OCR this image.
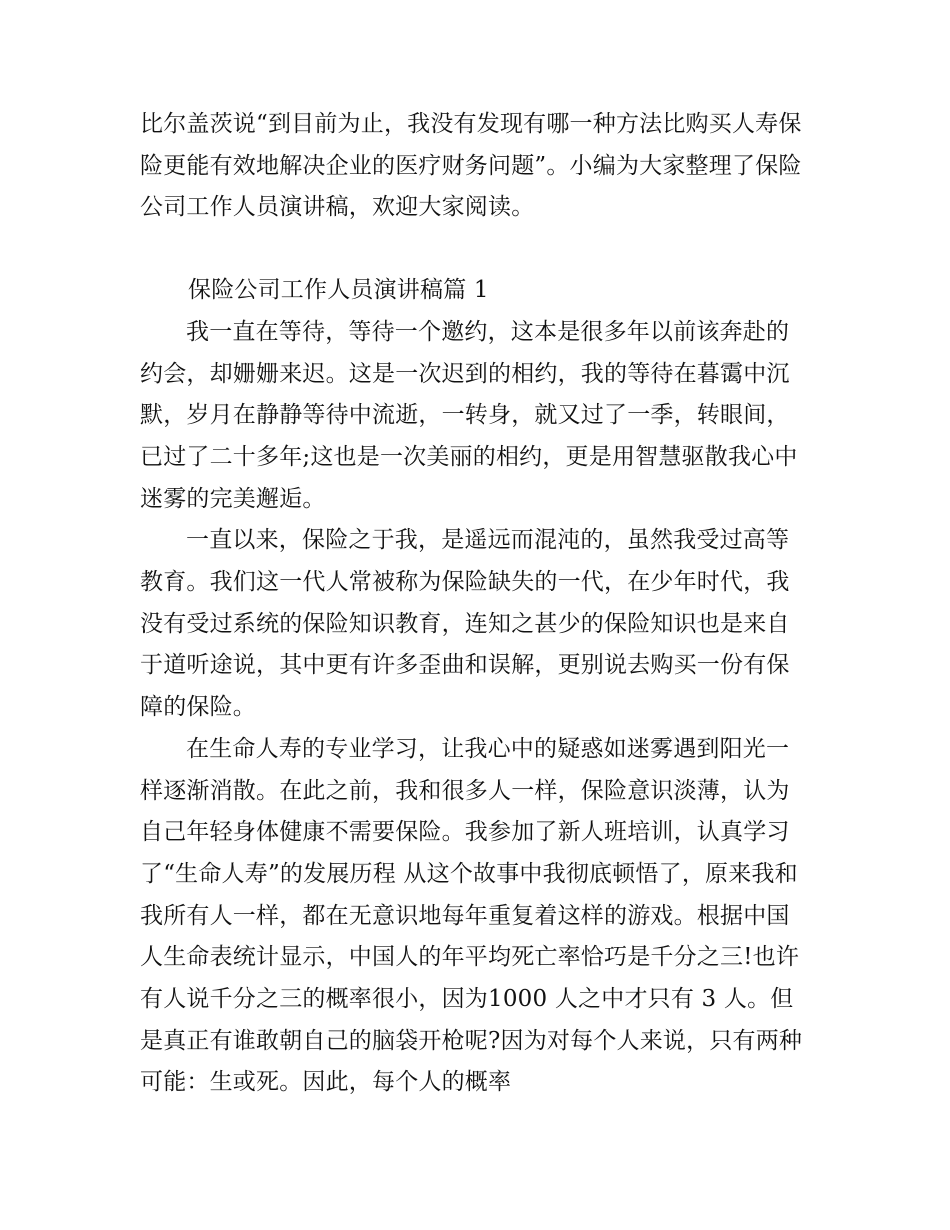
比尔盖茨说“到目前为止，我没有发现有哪一种方法比购买人寿保险更能有效地解决企业的医疗财务问题”。小编为大家整理了保险公司工作人员演讲稿，欢迎大家阅读。

保险公司工作人员演讲稿篇 1

我一直在等待，等待一个邀约，这本是很多年以前该奔赴的约会，却姗姗来迟。这是一次迟到的相约，我的等待在暮霭中沉默，岁月在静静等待中流逝，一转身，就又过了一季，转眼间，已过了二十多年;这也是一次美丽的相约，更是用智慧驱散我心中迷雾的完美邂逅。

一直以来，保险之于我，是遥远而混沌的，虽然我受过高等教育。我们这一代人常被称为保险缺失的一代，在少年时代，我没有受过系统的保险知识教育，连知之甚少的保险知识也是来自于道听途说，其中更有许多歪曲和误解，更别说去购买一份有保障的保险。

在生命人寿的专业学习，让我心中的疑惑如迷雾遇到阳光一样逐渐消散。在此之前，我和很多人一样，保险意识淡薄，认为自己年轻身体健康不需要保险。我参加了新人班培训，认真学习了“生命人寿”的发展历程 从这个故事中我彻底顿悟了，原来我和我所有人一样，都在无意识地每年重复着这样的游戏。根据中国人生命表统计显示，中国人的年平均死亡率恰巧是千分之三!也许有人说千分之三的概率很小，因为1000 人之中才只有 3 人。但是真正有谁敢朝自己的脑袋开枪呢?因为对每个人来说，只有两种可能：生或死。因此，每个人的概率
